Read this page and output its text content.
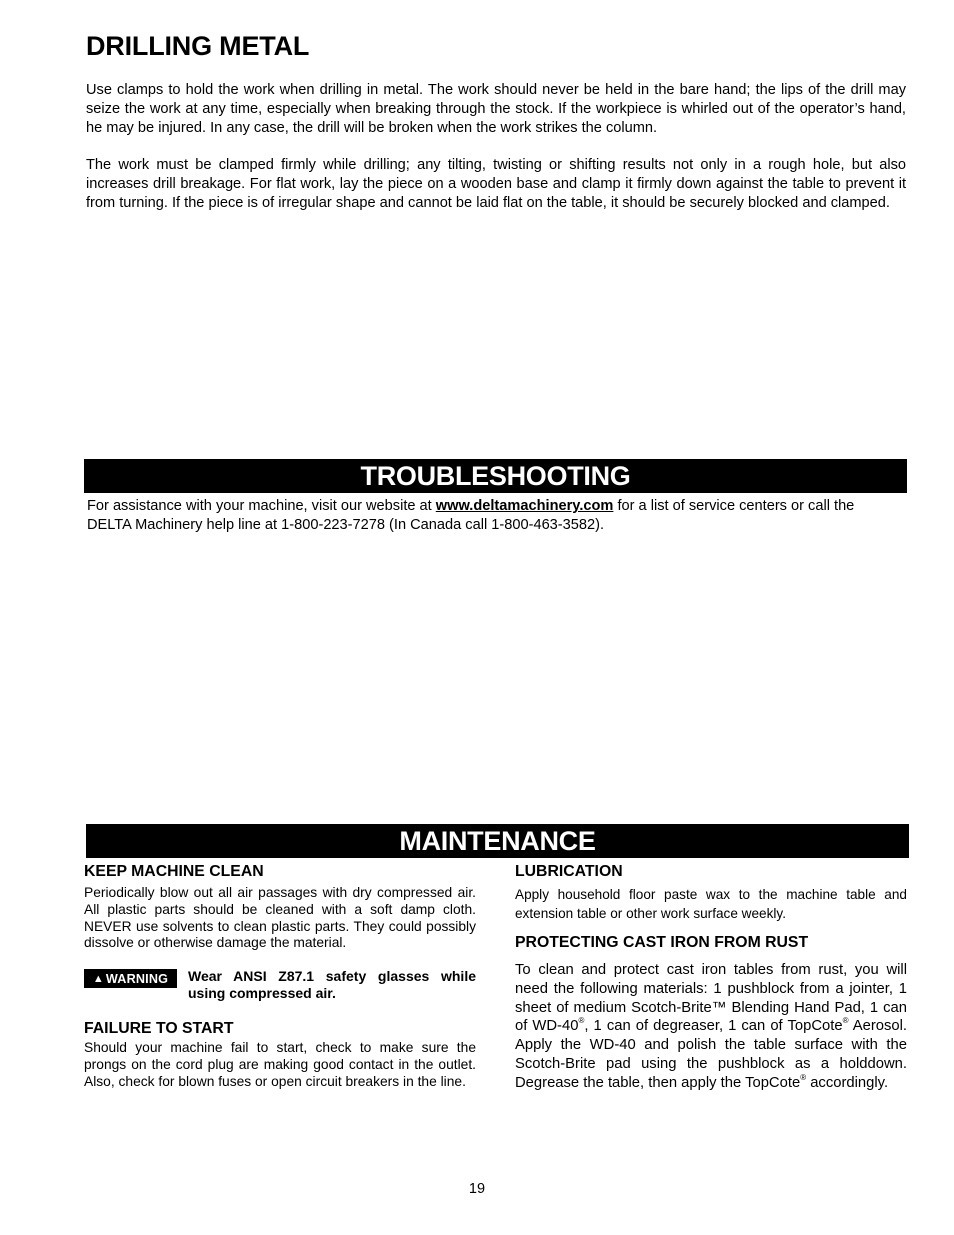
DRILLING METAL

Use clamps to hold the work when drilling in metal. The work should never be held in the bare hand; the lips of the drill may seize the work at any time, especially when breaking through the stock. If the workpiece is whirled out of the operator’s hand, he may be injured. In any case, the drill will be broken when the work strikes the column.

The work must be clamped firmly while drilling; any tilting, twisting or shifting results not only in a rough hole, but also increases drill breakage. For flat work, lay the piece on a wooden base and clamp it firmly down against the table to prevent it from turning. If the piece is of irregular shape and cannot be laid flat on the table, it should be securely blocked and clamped.

TROUBLESHOOTING

For assistance with your machine, visit our website at www.deltamachinery.com for a list of service centers or call the DELTA Machinery help line at 1-800-223-7278 (In Canada call 1-800-463-3582).

MAINTENANCE
KEEP MACHINE CLEAN

Periodically blow out all air passages with dry compressed air. All plastic parts should be cleaned with a soft damp cloth. NEVER use solvents to clean plastic parts. They could possibly dissolve or otherwise damage the material.

▲ WARNING Wear ANSI Z87.1 safety glasses while using compressed air.

FAILURE TO START

Should your machine fail to start, check to make sure the prongs on the cord plug are making good contact in the outlet. Also, check for blown fuses or open circuit breakers in the line.

LUBRICATION

Apply household floor paste wax to the machine table and extension table or other work surface weekly.

PROTECTING CAST IRON FROM RUST

To clean and protect cast iron tables from rust, you will need the following materials: 1 pushblock from a jointer, 1 sheet of medium Scotch-Brite™ Blending Hand Pad, 1 can of WD-40®, 1 can of degreaser, 1 can of TopCote® Aerosol. Apply the WD-40 and polish the table surface with the Scotch-Brite pad using the pushblock as a holddown. Degrease the table, then apply the TopCote® accordingly.

19
